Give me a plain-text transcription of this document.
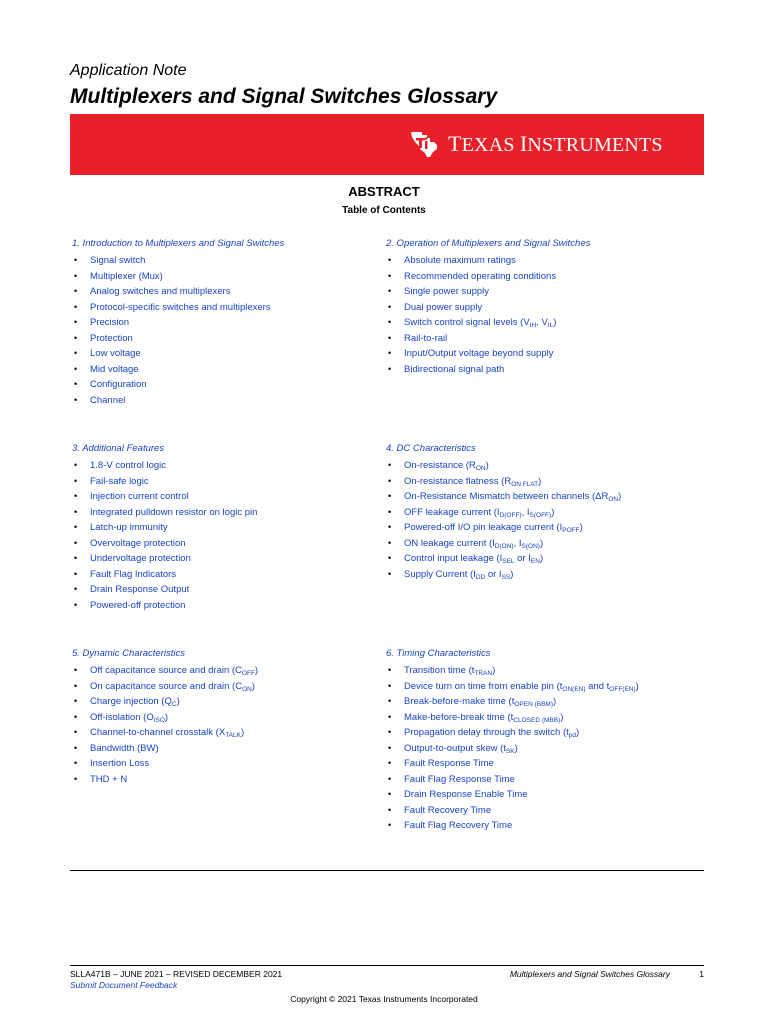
Application Note
Multiplexers and Signal Switches Glossary
TEXAS INSTRUMENTS
ABSTRACT
Table of Contents
1. Introduction to Multiplexers and Signal Switches
• Signal switch
• Multiplexer (Mux)
• Analog switches and multiplexers
• Protocol-specific switches and multiplexers
• Precision
• Protection
• Low voltage
• Mid voltage
• Configuration
• Channel
2. Operation of Multiplexers and Signal Switches
• Absolute maximum ratings
• Recommended operating conditions
• Single power supply
• Dual power supply
• Switch control signal levels ($V_{IH}$, $V_{IL}$)
• Rail-to-rail
• Input/Output voltage beyond supply
• Bidirectional signal path
3. Additional Features
• 1.8-V control logic
• Fail-safe logic
• Injection current control
• Integrated pulldown resistor on logic pin
• Latch-up immunity
• Overvoltage protection
• Undervoltage protection
• Fault Flag Indicators
• Drain Response Output
• Powered-off protection
4. DC Characteristics
• On-resistance $(R_{ON})$
• On-resistance flatness $(R_{ON FLAT})$
• On-Resistance Mismatch between channels $(\Delta R_{ON})$
• OFF leakage current ($I_{D(OFF)}$, $I_{S(OFF)}$)
• Powered-off I/O pin leakage current $(I_{POFF})$
• ON leakage current ($I_{D(ON)}$, $I_{S(ON)}$)
• Control input leakage ($I_{SEL}$ or $I_{EN}$)
• Supply Current ($I_{DD}$ or $I_{SS}$)
5. Dynamic Characteristics
• Off capacitance source and drain $(C_{OFF})$
• On capacitance source and drain $(C_{ON})$
• Charge injection $(Q_C)$
• Off-isolation $(O_{ISO})$
• Channel-to-channel crosstalk $(X_{TALK})$
• Bandwidth (BW)
• Insertion Loss
• THD + N
6. Timing Characteristics
• Transition time $(t_{TRAN})$
• Device turn on time from enable pin ($t_{ON(EN)}$ and $t_{OFF(EN)}$)
• Break-before-make time $(t_{OPEN (BBM)})$
• Make-before-break time $(t_{CLOSED (MBB)})$
• Propagation delay through the switch $(t_{pd})$
• Output-to-output skew $(t_{SK})$
• Fault Response Time
• Fault Flag Response Time
• Drain Response Enable Time
• Fault Recovery Time
• Fault Flag Recovery Time
SLLA471B – JUNE 2021 – REVISED DECEMBER 2021
Submit Document Feedback
Multiplexers and Signal Switches Glossary	1
Copyright © 2021 Texas Instruments Incorporated
